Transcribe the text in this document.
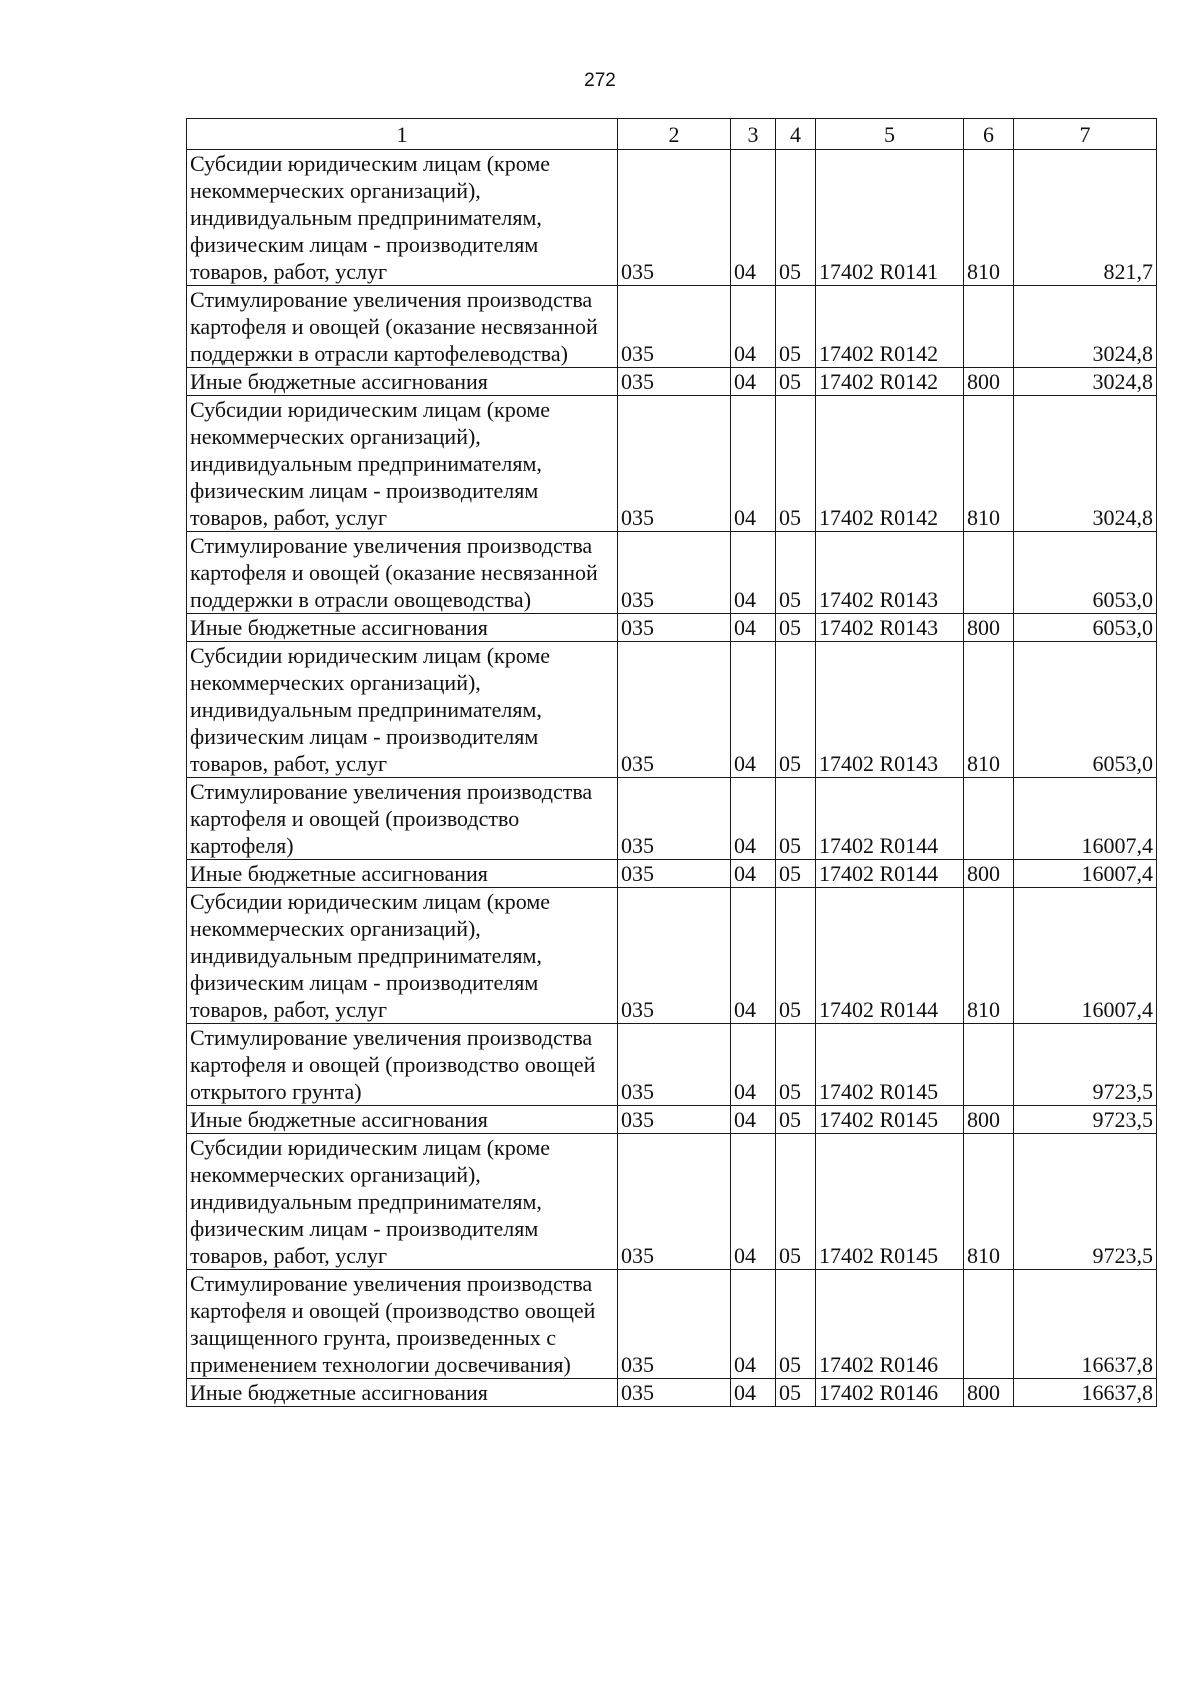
272
1	2	3	4	5	6	7
Субсидии юридическим лицам (кроме некоммерческих организаций), индивидуальным предпринимателям, физическим лицам - производителям товаров, работ, услуг	035	04	05	17402 R0141	810	821,7
Стимулирование увеличения производства картофеля и овощей (оказание несвязанной поддержки в отрасли картофелеводства)	035	04	05	17402 R0142		3024,8
Иные бюджетные ассигнования	035	04	05	17402 R0142	800	3024,8
Субсидии юридическим лицам (кроме некоммерческих организаций), индивидуальным предпринимателям, физическим лицам - производителям товаров, работ, услуг	035	04	05	17402 R0142	810	3024,8
Стимулирование увеличения производства картофеля и овощей (оказание несвязанной поддержки в отрасли овощеводства)	035	04	05	17402 R0143		6053,0
Иные бюджетные ассигнования	035	04	05	17402 R0143	800	6053,0
Субсидии юридическим лицам (кроме некоммерческих организаций), индивидуальным предпринимателям, физическим лицам - производителям товаров, работ, услуг	035	04	05	17402 R0143	810	6053,0
Стимулирование увеличения производства картофеля и овощей (производство картофеля)	035	04	05	17402 R0144		16007,4
Иные бюджетные ассигнования	035	04	05	17402 R0144	800	16007,4
Субсидии юридическим лицам (кроме некоммерческих организаций), индивидуальным предпринимателям, физическим лицам - производителям товаров, работ, услуг	035	04	05	17402 R0144	810	16007,4
Стимулирование увеличения производства картофеля и овощей (производство овощей открытого грунта)	035	04	05	17402 R0145		9723,5
Иные бюджетные ассигнования	035	04	05	17402 R0145	800	9723,5
Субсидии юридическим лицам (кроме некоммерческих организаций), индивидуальным предпринимателям, физическим лицам - производителям товаров, работ, услуг	035	04	05	17402 R0145	810	9723,5
Стимулирование увеличения производства картофеля и овощей (производство овощей защищенного грунта, произведенных с применением технологии досвечивания)	035	04	05	17402 R0146		16637,8
Иные бюджетные ассигнования	035	04	05	17402 R0146	800	16637,8
